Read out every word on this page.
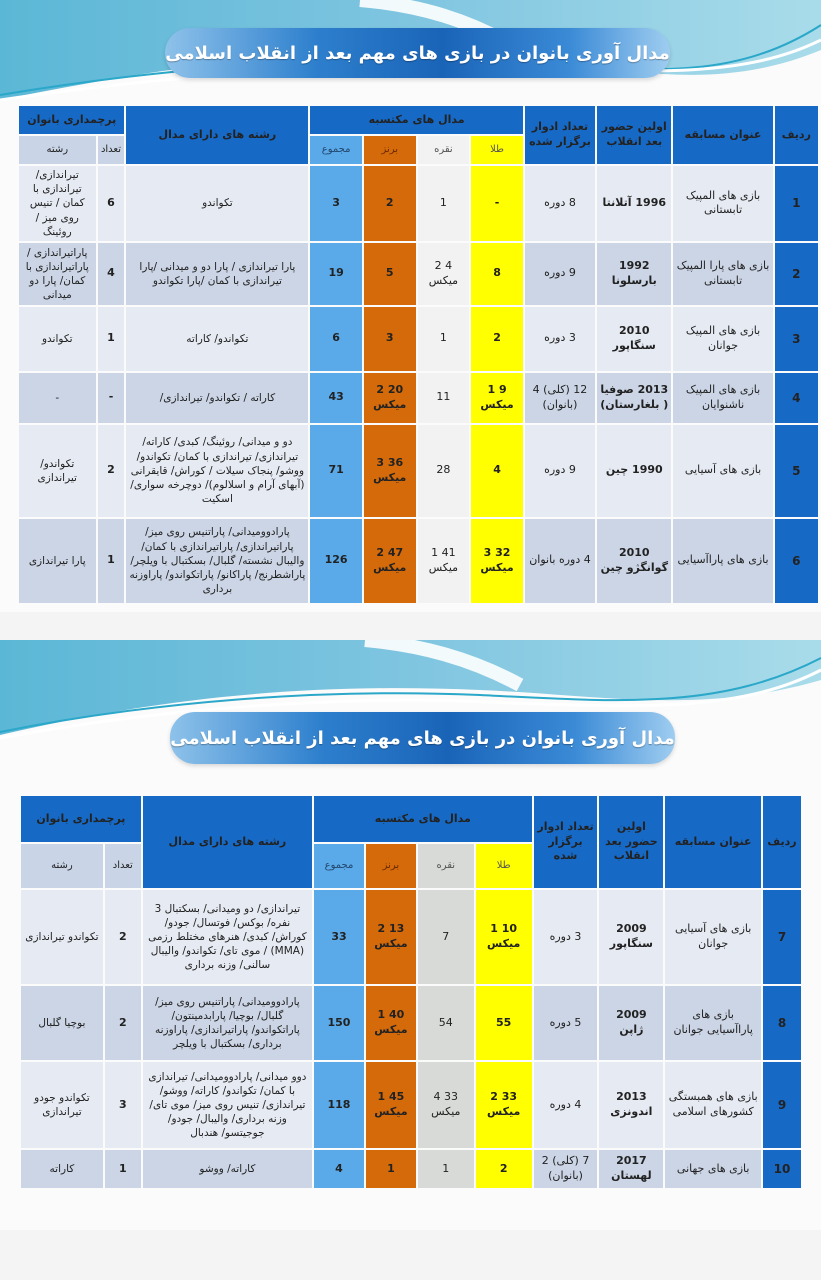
مدال آوری بانوان در بازی های مهم بعد از انقلاب اسلامی
ردیف	عنوان مسابقه	اولین حضور بعد انقلاب	تعداد ادوار برگزار شده	مدال های مکتسبه				رشته های دارای مدال	پرچمداری بانوان	
				طلا	نقره	برنز	مجموع		تعداد	رشته
1	بازی های المپیک تابستانی	1996 آتلانتا	8 دوره	-	1	2	3	تکواندو	6	تیراندازی/ تیراندازی با کمان / تنیس روی میز / روئینگ
2	بازی های پارا المپیک تابستانی	1992 بارسلونا	9 دوره	8	4 2 میکس	5	19	پارا تیراندازی / پارا دو و میدانی /پارا تیراندازی با کمان /پارا تکواندو	4	پاراتیراندازی / پاراتیراندازی با کمان/ پارا دو میدانی
3	بازی های المپیک جوانان	2010 سنگاپور	3 دوره	2	1	3	6	تکواندو/ کاراته	1	تکواندو
4	بازی های المپیک ناشنوایان	2013 صوفیا ( بلغارستان)	12 (کلی) 4 (بانوان)	9 1 میکس	11	20 2 میکس	43	کاراته / تکواندو/ تیراندازی/	-	-
5	بازی های آسیایی	1990 چین	9 دوره	4	28	36 3 میکس	71	دو و میدانی/ روئینگ/ کبدی/ کاراته/ تیراندازی/ تیراندازی با کمان/ تکواندو/ ووشو/ پنجاک سیلات / کوراش/ قایقرانی (آبهای آرام و اسلالوم)/ دوچرخه سواری/ اسکیت	2	تکواندو/ تیراندازی
6	بازی های پاراآسیایی	2010 گوانگژو چین	4 دوره بانوان	32 3 میکس	41 1 میکس	47 2 میکس	126	پارادوومیدانی/ پاراتنیس روی میز/ پاراتیراندازی/ پاراتیراندازی با کمان/ والیبال نشسته/ گلبال/ بسکتبال با ویلچر/ پاراشطرنج/ پاراکانو/ پاراتکواندو/ پاراوزنه برداری	1	پارا تیراندازی
مدال آوری بانوان در بازی های مهم بعد از انقلاب اسلامی
ردیف	عنوان مسابقه	اولین حضور بعد انقلاب	تعداد ادوار برگزار شده	مدال های مکتسبه				رشته های دارای مدال	پرچمداری بانوان	
				طلا	نقره	برنز	مجموع		تعداد	رشته
7	بازی های آسیایی جوانان	2009 سنگاپور	3 دوره	10 1 میکس	7	13 2 میکس	33	تیراندازی/ دو ومیدانی/ بسکتبال 3 نفره/ بوکس/ فوتسال/ جودو/ کوراش/ کبدی/ هنرهای مختلط رزمی (MMA) / موی تای/ تکواندو/ والیبال سالنی/ وزنه برداری	2	تکواندو تیراندازی
8	بازی های پاراآسیایی جوانان	2009 ژاپن	5 دوره	55	54	40 1 میکس	150	پارادوومیدانی/ پاراتنیس روی میز/ گلبال/ بوچیا/ پارابدمینتون/ پاراتکواندو/ پاراتیراندازی/ پاراوزنه برداری/ بسکتبال با ویلچر	2	بوچیا گلبال
9	بازی های همبستگی کشورهای اسلامی	2013 اندونزی	4 دوره	33 2 میکس	33 4 میکس	45 1 میکس	118	دوو میدانی/ پارادوومیدانی/ تیراندازی با کمان/ تکواندو/ کاراته/ ووشو/ تیراندازی/ تنیس روی میز/ موی تای/ وزنه برداری/ والیبال/ جودو/ جوجیتسو/ هندبال	3	تکواندو جودو تیراندازی
10	بازی های جهانی	2017 لهستان	7 (کلی) 2 (بانوان)	2	1	1	4	کاراته/ ووشو	1	کاراته
